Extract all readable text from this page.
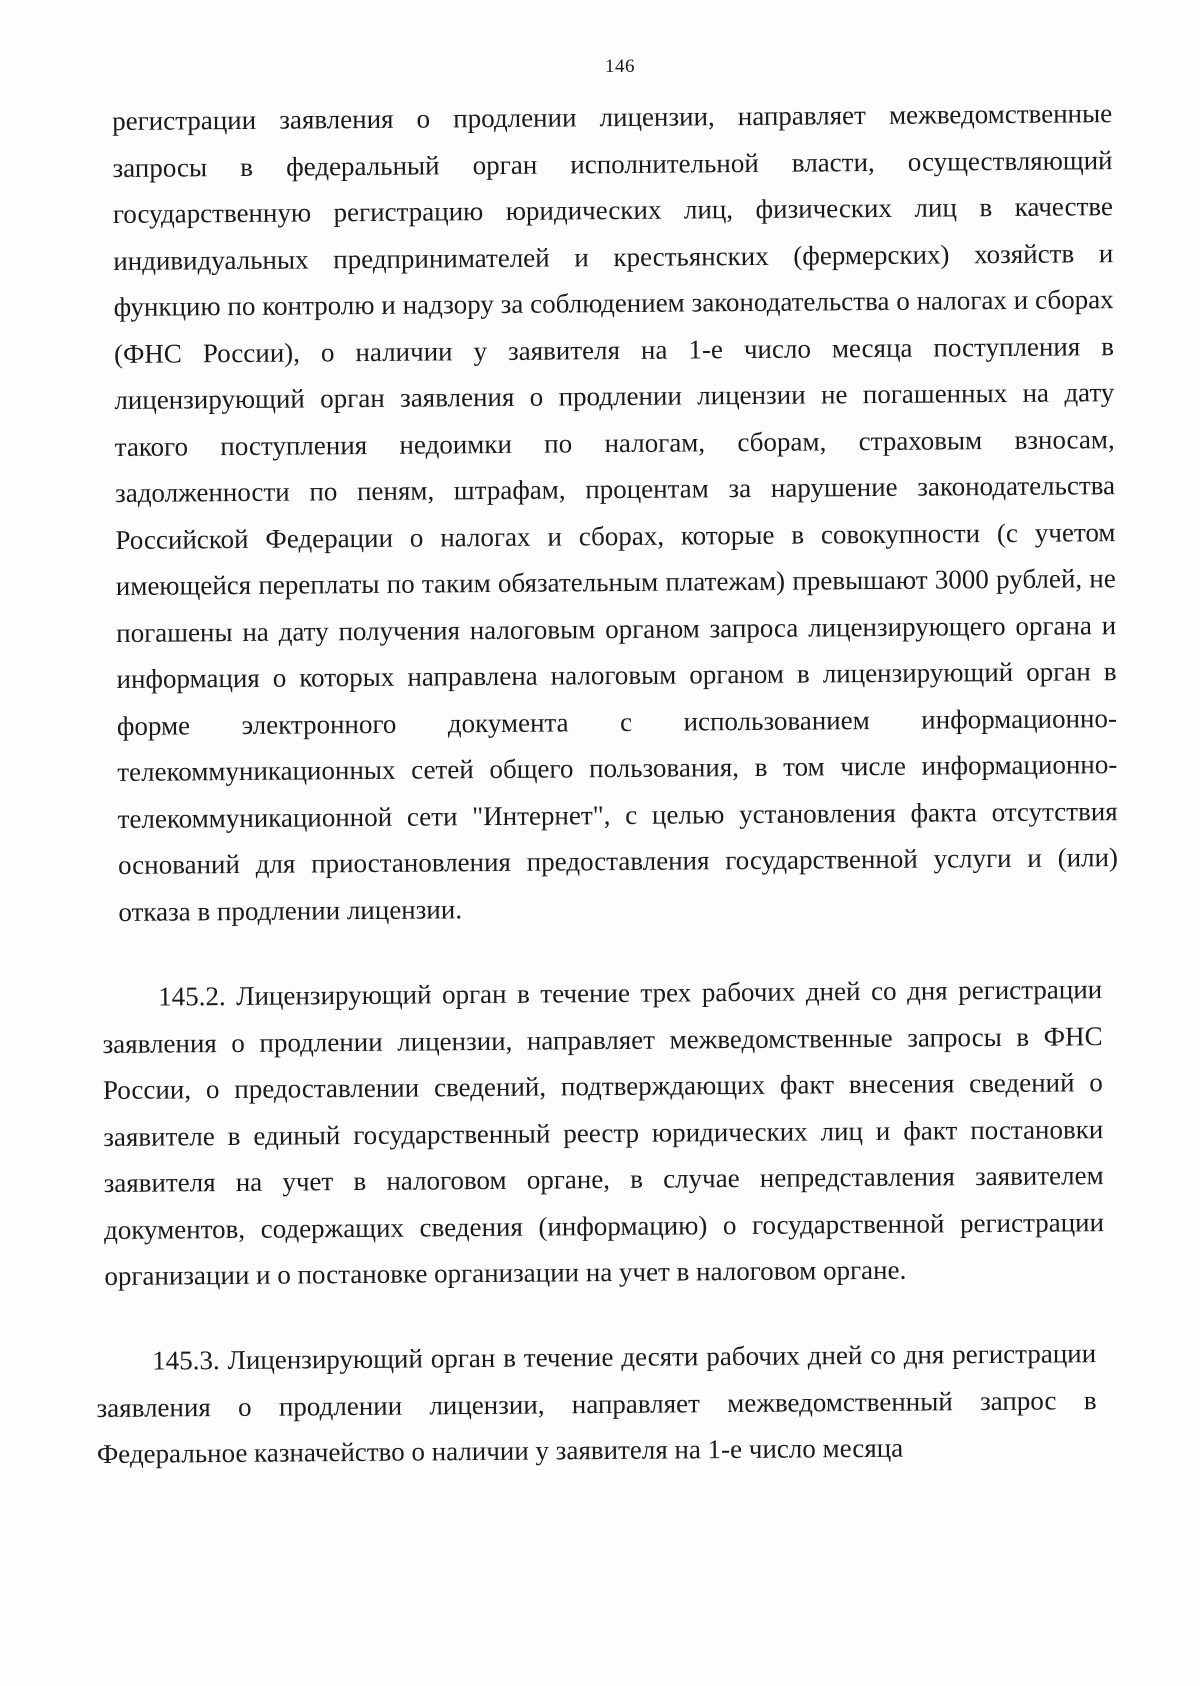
146

регистрации заявления о продлении лицензии, направляет межведомственные запросы в федеральный орган исполнительной власти, осуществляющий государственную регистрацию юридических лиц, физических лиц в качестве индивидуальных предпринимателей и крестьянских (фермерских) хозяйств и функцию по контролю и надзору за соблюдением законодательства о налогах и сборах (ФНС России), о наличии у заявителя на 1-е число месяца поступления в лицензирующий орган заявления о продлении лицензии не погашенных на дату такого поступления недоимки по налогам, сборам, страховым взносам, задолженности по пеням, штрафам, процентам за нарушение законодательства Российской Федерации о налогах и сборах, которые в совокупности (с учетом имеющейся переплаты по таким обязательным платежам) превышают 3000 рублей, не погашены на дату получения налоговым органом запроса лицензирующего органа и информация о которых направлена налоговым органом в лицензирующий орган в форме электронного документа с использованием информационно-телекоммуникационных сетей общего пользования, в том числе информационно-телекоммуникационной сети "Интернет", с целью установления факта отсутствия оснований для приостановления предоставления государственной услуги и (или) отказа в продлении лицензии.

145.2. Лицензирующий орган в течение трех рабочих дней со дня регистрации заявления о продлении лицензии, направляет межведомственные запросы в ФНС России, о предоставлении сведений, подтверждающих факт внесения сведений о заявителе в единый государственный реестр юридических лиц и факт постановки заявителя на учет в налоговом органе, в случае непредставления заявителем документов, содержащих сведения (информацию) о государственной регистрации организации и о постановке организации на учет в налоговом органе.

145.3. Лицензирующий орган в течение десяти рабочих дней со дня регистрации заявления о продлении лицензии, направляет межведомственный запрос в Федеральное казначейство о наличии у заявителя на 1-е число месяца
